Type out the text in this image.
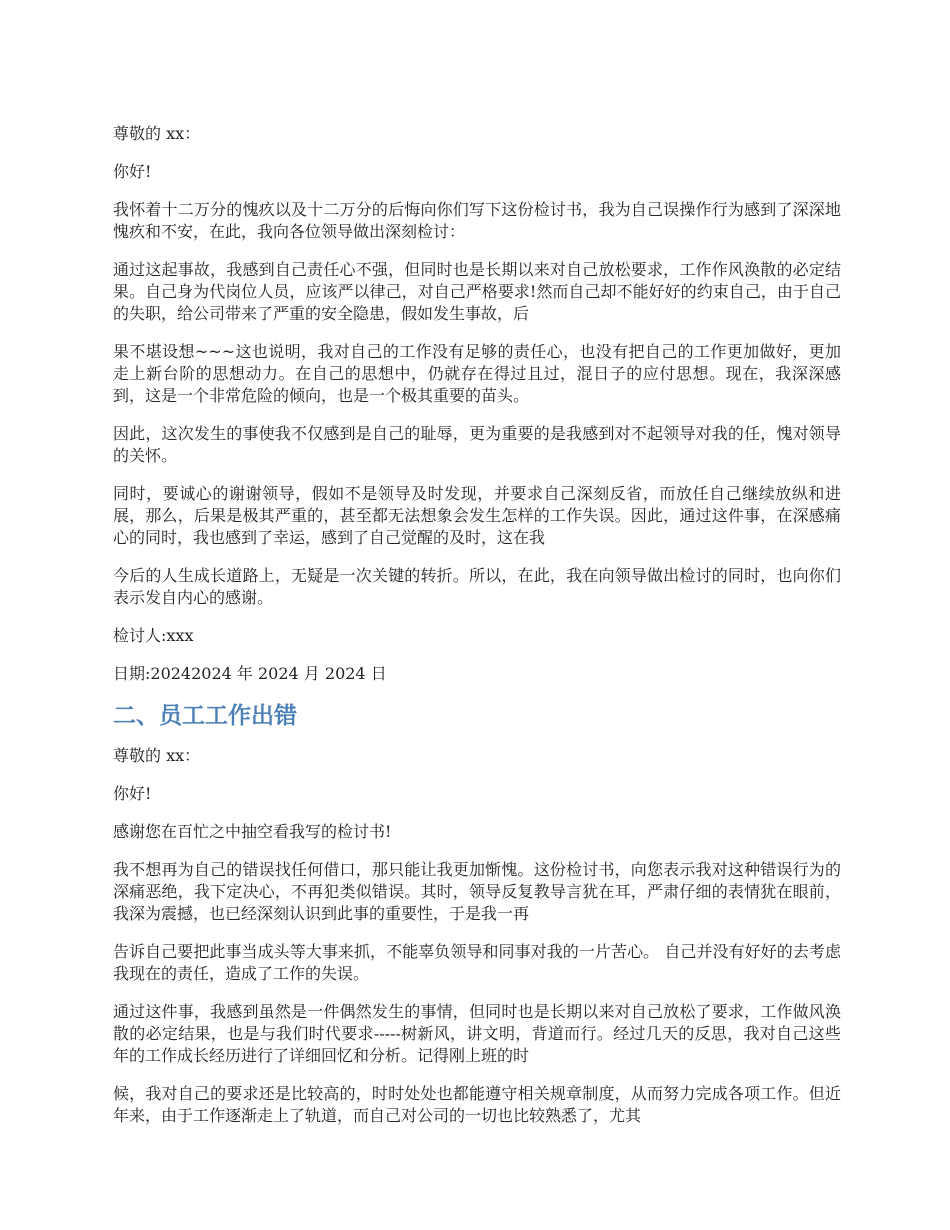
尊敬的 xx：

你好!

我怀着十二万分的愧疚以及十二万分的后悔向你们写下这份检讨书，我为自己误操作行为感到了深深地愧疚和不安，在此，我向各位领导做出深刻检讨：

通过这起事故，我感到自己责任心不强，但同时也是长期以来对自己放松要求，工作作风涣散的必定结果。自己身为代岗位人员，应该严以律己，对自己严格要求!然而自己却不能好好的约束自己，由于自己的失职，给公司带来了严重的安全隐患，假如发生事故，后

果不堪设想~~~这也说明，我对自己的工作没有足够的责任心，也没有把自己的工作更加做好，更加走上新台阶的思想动力。在自己的思想中，仍就存在得过且过，混日子的应付思想。现在，我深深感到，这是一个非常危险的倾向，也是一个极其重要的苗头。

因此，这次发生的事使我不仅感到是自己的耻辱，更为重要的是我感到对不起领导对我的任，愧对领导的关怀。

同时，要诚心的谢谢领导，假如不是领导及时发现，并要求自己深刻反省，而放任自己继续放纵和进展，那么，后果是极其严重的，甚至都无法想象会发生怎样的工作失误。因此，通过这件事，在深感痛心的同时，我也感到了幸运，感到了自己觉醒的及时，这在我

今后的人生成长道路上，无疑是一次关键的转折。所以，在此，我在向领导做出检讨的同时，也向你们表示发自内心的感谢。

检讨人:xxx

日期:20242024 年 2024 月 2024 日

二、员工工作出错

尊敬的 xx：

你好!

感谢您在百忙之中抽空看我写的检讨书!

我不想再为自己的错误找任何借口，那只能让我更加惭愧。这份检讨书，向您表示我对这种错误行为的深痛恶绝，我下定决心，不再犯类似错误。其时，领导反复教导言犹在耳，严肃仔细的表情犹在眼前，我深为震撼，也已经深刻认识到此事的重要性，于是我一再

告诉自己要把此事当成头等大事来抓，不能辜负领导和同事对我的一片苦心。 自己并没有好好的去考虑我现在的责任，造成了工作的失误。

通过这件事，我感到虽然是一件偶然发生的事情，但同时也是长期以来对自己放松了要求，工作做风涣散的必定结果，也是与我们时代要求-----树新风，讲文明，背道而行。经过几天的反思，我对自己这些年的工作成长经历进行了详细回忆和分析。记得刚上班的时

候，我对自己的要求还是比较高的，时时处处也都能遵守相关规章制度，从而努力完成各项工作。但近年来，由于工作逐渐走上了轨道，而自己对公司的一切也比较熟悉了，尤其
